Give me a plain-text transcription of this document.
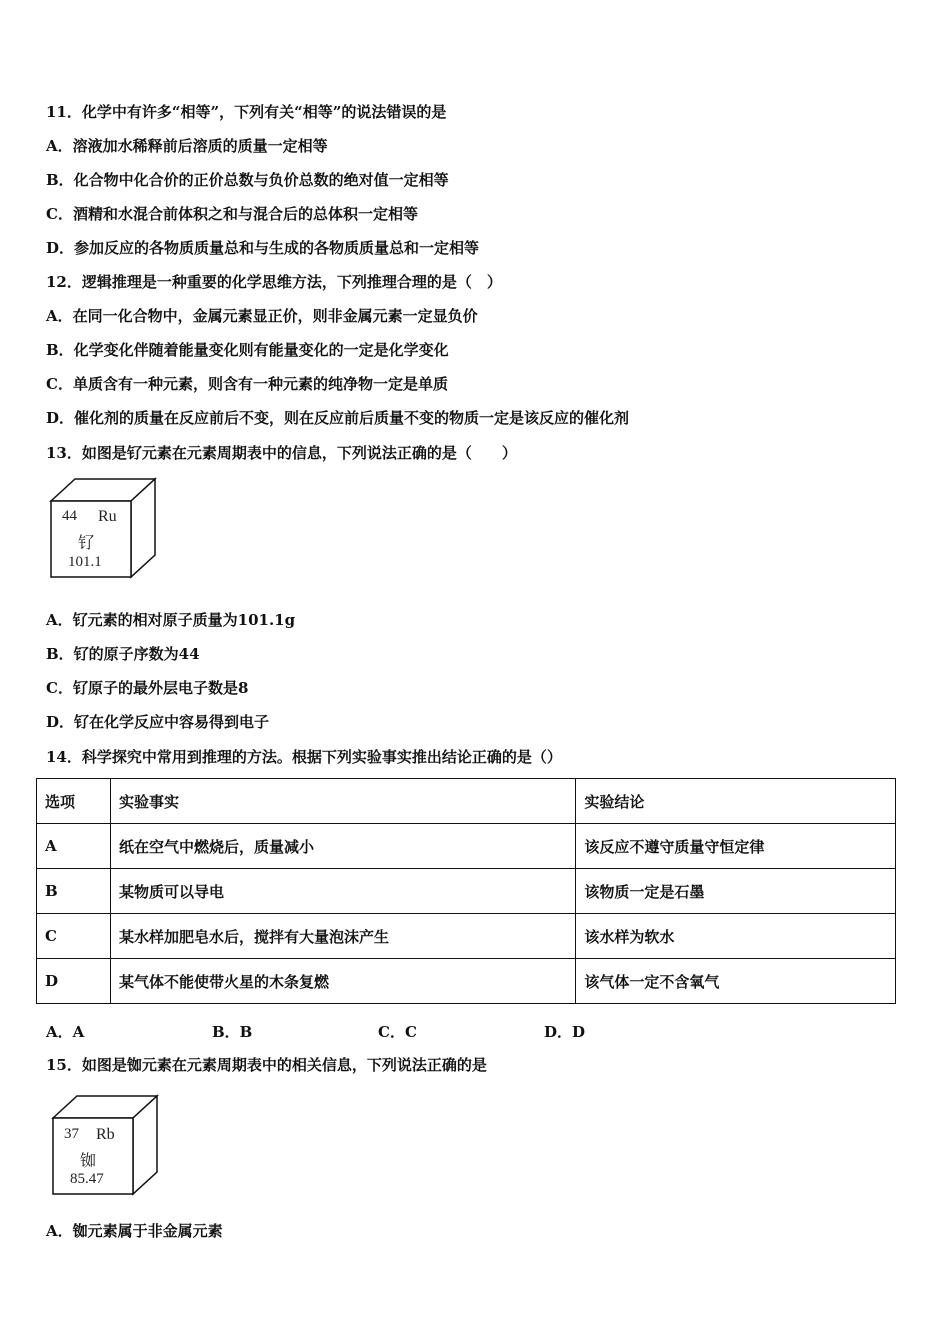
11．化学中有许多“相等”，下列有关“相等”的说法错误的是
A．溶液加水稀释前后溶质的质量一定相等
B．化合物中化合价的正价总数与负价总数的绝对值一定相等
C．酒精和水混合前体积之和与混合后的总体积一定相等
D．参加反应的各物质质量总和与生成的各物质质量总和一定相等
12．逻辑推理是一种重要的化学思维方法，下列推理合理的是（　）
A．在同一化合物中，金属元素显正价，则非金属元素一定显负价
B．化学变化伴随着能量变化则有能量变化的一定是化学变化
C．单质含有一种元素，则含有一种元素的纯净物一定是单质
D．催化剂的质量在反应前后不变，则在反应前后质量不变的物质一定是该反应的催化剂
13．如图是钌元素在元素周期表中的信息，下列说法正确的是（　　）
44 Ru
钌
101.1
A．钌元素的相对原子质量为101.1g
B．钌的原子序数为44
C．钌原子的最外层电子数是8
D．钌在化学反应中容易得到电子
14．科学探究中常用到推理的方法。根据下列实验事实推出结论正确的是（）
选项	实验事实	实验结论
A	纸在空气中燃烧后，质量减小	该反应不遵守质量守恒定律
B	某物质可以导电	该物质一定是石墨
C	某水样加肥皂水后，搅拌有大量泡沫产生	该水样为软水
D	某气体不能使带火星的木条复燃	该气体一定不含氧气
A．A	B．B	C．C	D．D
15．如图是铷元素在元素周期表中的相关信息，下列说法正确的是
37 Rb
铷
85.47
A．铷元素属于非金属元素
